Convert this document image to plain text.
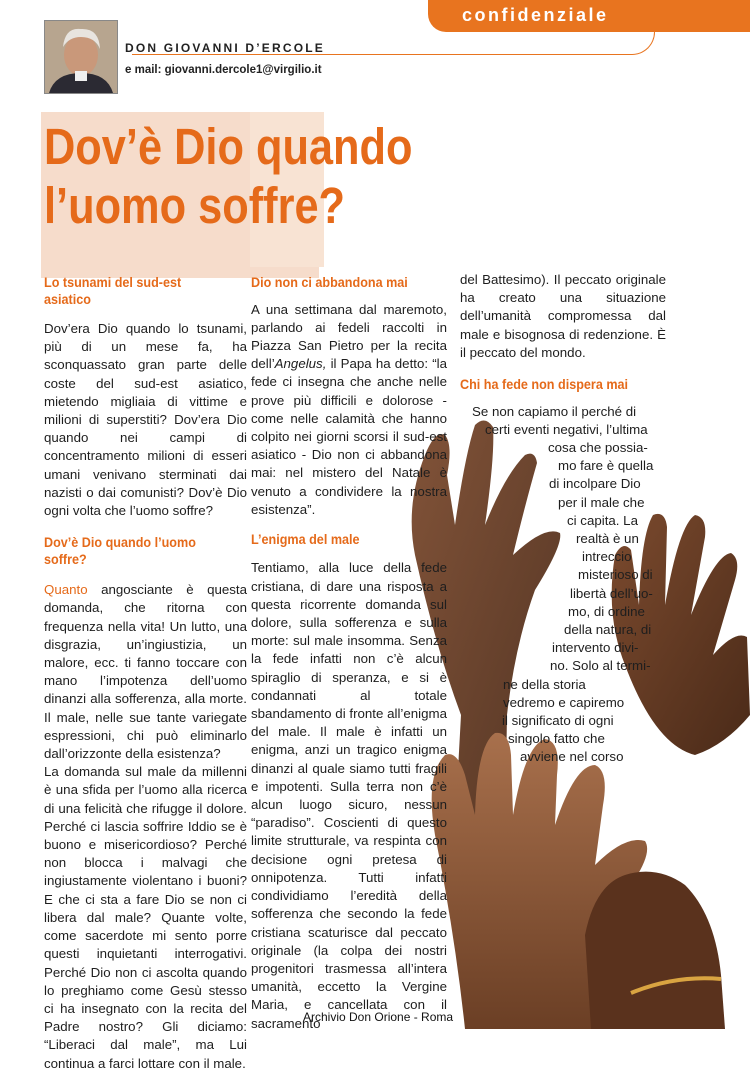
confidenziale
DON GIOVANNI D’ERCOLE
e mail: giovanni.dercole1@virgilio.it
Dov’è Dio quando
l’uomo soffre?
Lo tsunami del sud-est asiatico

Dov’era Dio quando lo tsunami, più di un mese fa, ha sconquassato gran parte delle coste del sud-est asiatico, mietendo migliaia di vittime e milioni di superstiti? Dov’era Dio quando nei campi di concentramento milioni di esseri umani venivano sterminati dai nazisti o dai comunisti? Dov’è Dio ogni volta che l’uomo soffre?

Dov’è Dio quando l’uomo soffre?

Quanto angosciante è questa domanda, che ritorna con frequenza nella vita! Un lutto, una disgrazia, un’ingiustizia, un malore, ecc. ti fanno toccare con mano l’impotenza dell’uomo dinanzi alla sofferenza, alla morte. Il male, nelle sue tante variegate espressioni, chi può eliminarlo dall’orizzonte della esistenza?

La domanda sul male da millenni è una sfida per l’uomo alla ricerca di una felicità che rifugge il dolore. Perché ci lascia soffrire Iddio se è buono e misericordioso? Perché non blocca i malvagi che ingiustamente violentano i buoni? E che ci sta a fare Dio se non ci libera dal male? Quante volte, come sacerdote mi sento porre questi inquietanti interrogativi. Perché Dio non ci ascolta quando lo preghiamo come Gesù stesso ci ha insegnato con la recita del Padre nostro? Gli diciamo: “Liberaci dal male”, ma Lui continua a farci lottare con il male.

Dio non ci abbandona mai

A una settimana dal maremoto, parlando ai fedeli raccolti in Piazza San Pietro per la recita dell’Angelus, il Papa ha detto: “la fede ci insegna che anche nelle prove più difficili e dolorose - come nelle calamità che hanno colpito nei giorni scorsi il sud-est asiatico - Dio non ci abbandona mai: nel mistero del Natale è venuto a condividere la nostra esistenza”.

L’enigma del male

Tentiamo, alla luce della fede cristiana, di dare una risposta a questa ricorrente domanda sul dolore, sulla sofferenza e sulla morte: sul male insomma. Senza la fede infatti non c’è alcun spiraglio di speranza, e si è condannati al totale sbandamento di fronte all’enigma del male. Il male è infatti un enigma, anzi un tragico enigma dinanzi al quale siamo tutti fragili e impotenti. Sulla terra non c’è alcun luogo sicuro, nessun “paradiso”. Coscienti di questo limite strutturale, va respinta con decisione ogni pretesa di onnipotenza. Tutti infatti condividiamo l’eredità della sofferenza che secondo la fede cristiana scaturisce dal peccato originale (la colpa dei nostri progenitori trasmessa all’intera umanità, eccetto la Vergine Maria, e cancellata con il sacramento

del Battesimo). Il peccato originale ha creato una situazione dell’umanità compromessa dal male e bisognosa di redenzione. È il peccato del mondo.

Chi ha fede non dispera mai
Se non capiamo il perché di
certi eventi negativi, l’ultima
cosa che possia-
mo fare è quella
di incolpare Dio
per il male che
ci capita. La
realtà è un
intreccio
misterioso di
libertà dell’uo-
mo, di ordine
della natura, di
intervento divi-
no. Solo al termi-
ne della storia
vedremo e capiremo
il significato di ogni
singolo fatto che
avviene nel corso
Archivio Don Orione - Roma
